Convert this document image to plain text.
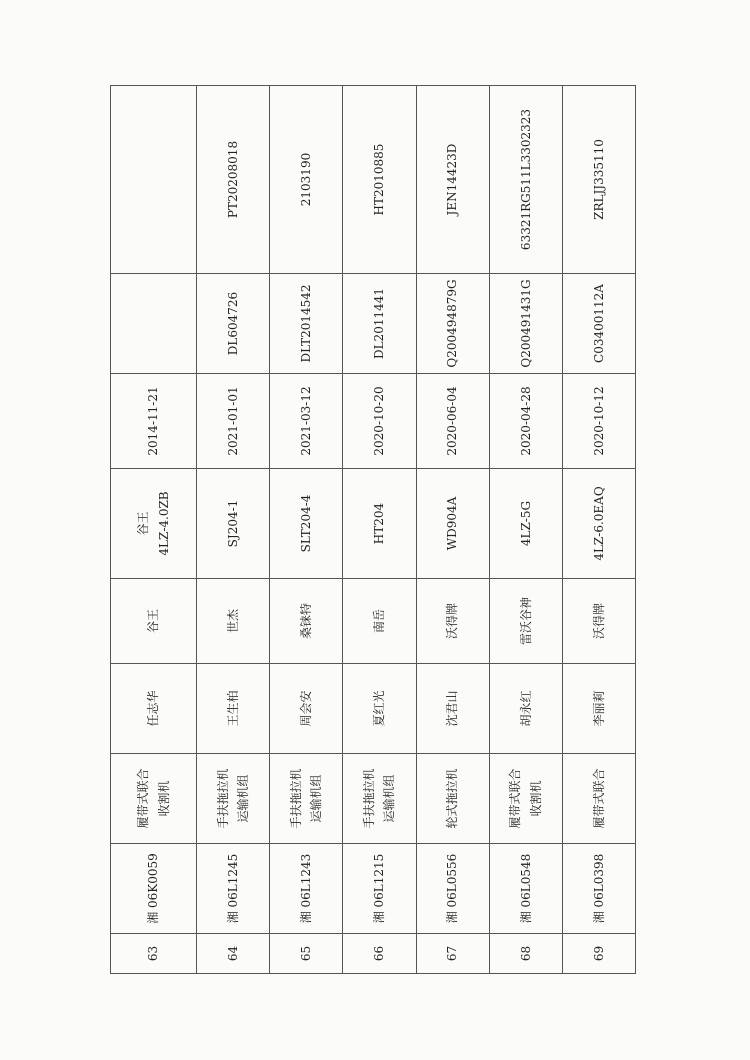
63	湘 06K0059	履带式联合 收割机	任志华	谷王	谷王 4LZ-4.0ZB	2014-11-21		
64	湘 06L1245	手扶拖拉机 运输机组	王生柏	世杰	SJ204-1	2021-01-01	DL604726	PT20208018
65	湘 06L1243	手扶拖拉机 运输机组	周会安	桑铼特	SLT204-4	2021-03-12	DLT2014542	2103190
66	湘 06L1215	手扶拖拉机 运输机组	夏红光	南岳	HT204	2020-10-20	DL2011441	HT2010885
67	湘 06L0556	轮式拖拉机	沈君山	沃得牌	WD904A	2020-06-04	Q200494879G	JEN14423D
68	湘 06L0548	履带式联合 收割机	胡永红	雷沃谷神	4LZ-5G	2020-04-28	Q200491431G	63321RG511L3302323
69	湘 06L0398	履带式联合	李丽莉	沃得牌	4LZ-6.0EAQ	2020-10-12	C03400112A	ZRLJJ335110
